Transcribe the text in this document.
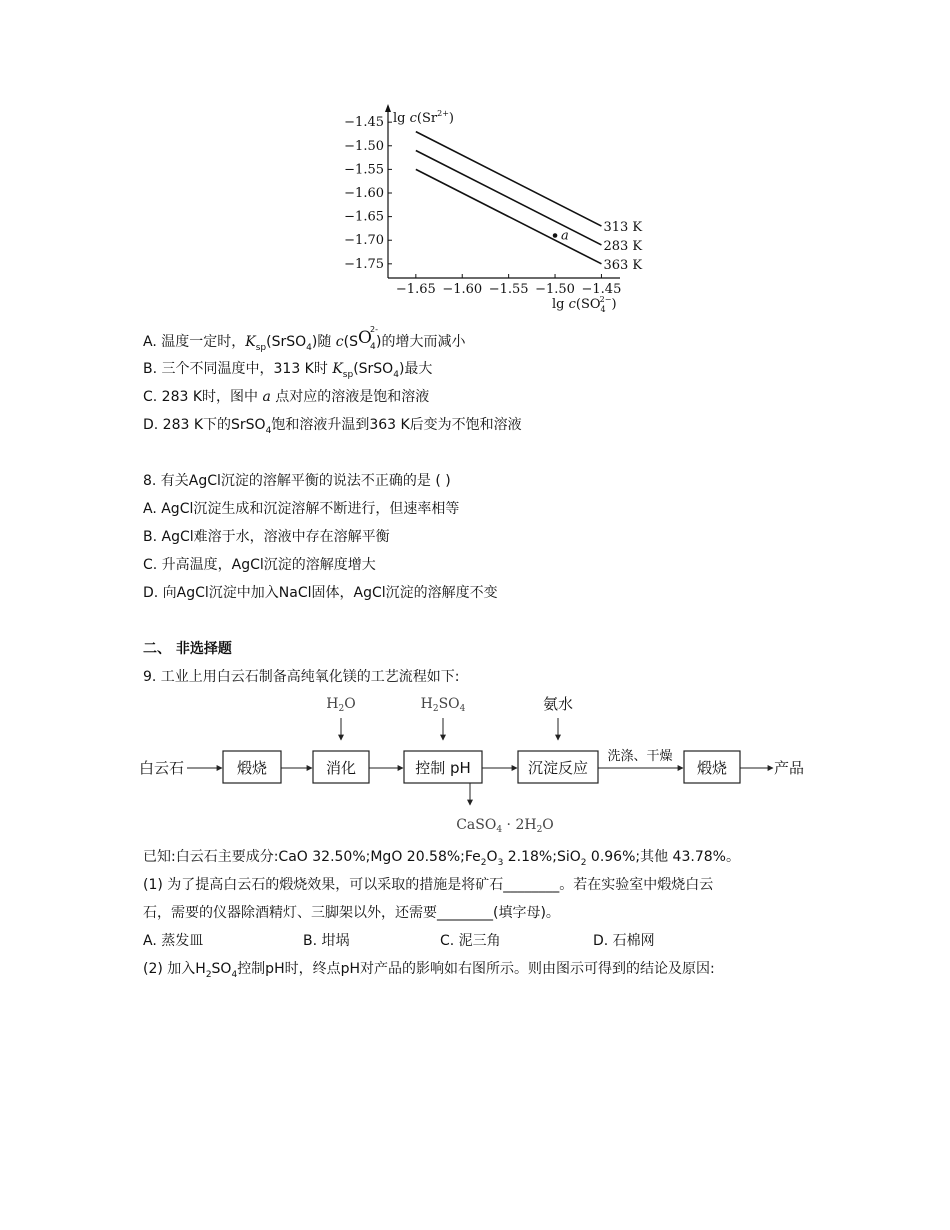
$\lg c(Sr^{2+})$
$\lg c(SO_42-)$
−1.65 −1.60 −1.55 −1.50 −1.45
−1.45
−1.50
−1.55
−1.60
−1.65
−1.70
−1.75
313 K
283 K
363 K
a
A. 温度一定时，$K_{sp}(SrSO_4)$随 c(SO
2-
4 )的增大而减小
B. 三个不同温度中，313 K时 $K_{sp}(SrSO_4)$最大
C. 283 K时，图中 a 点对应的溶液是饱和溶液
D. 283 K下的SrSO$_4$饱和溶液升温到363 K后变为不饱和溶液
8. 有关AgCl沉淀的溶解平衡的说法不正确的是 ( )
A. AgCl沉淀生成和沉淀溶解不断进行，但速率相等
B. AgCl难溶于水，溶液中存在溶解平衡
C. 升高温度，AgCl沉淀的溶解度增大
D. 向AgCl沉淀中加入NaCl固体，AgCl沉淀的溶解度不变
二、 非选择题
9. 工业上用白云石制备高纯氧化镁的工艺流程如下:
白云石	煅烧	消化	控制 pH	沉淀反应
洗涤、干燥
煅烧	产品
$H_2O$	$H_2SO_4$	氨水
CaSO$_4$ · $2H_2O$
已知:白云石主要成分:CaO 32.50%;MgO $20.58\%;Fe_2O_3$ 2.18%;SiO$_2$ 0.96%;其他 43.78%。
(1) 为了提高白云石的煅烧效果，可以采取的措施是将矿石________。若在实验室中煅烧白云
石，需要的仪器除酒精灯、三脚架以外，还需要________(填字母)。
A. 蒸发皿	B. 坩埚	C. 泥三角	D. 石棉网
(2) 加入$H_2SO_4$控制pH时，终点pH对产品的影响如右图所示。则由图示可得到的结论及原因:
